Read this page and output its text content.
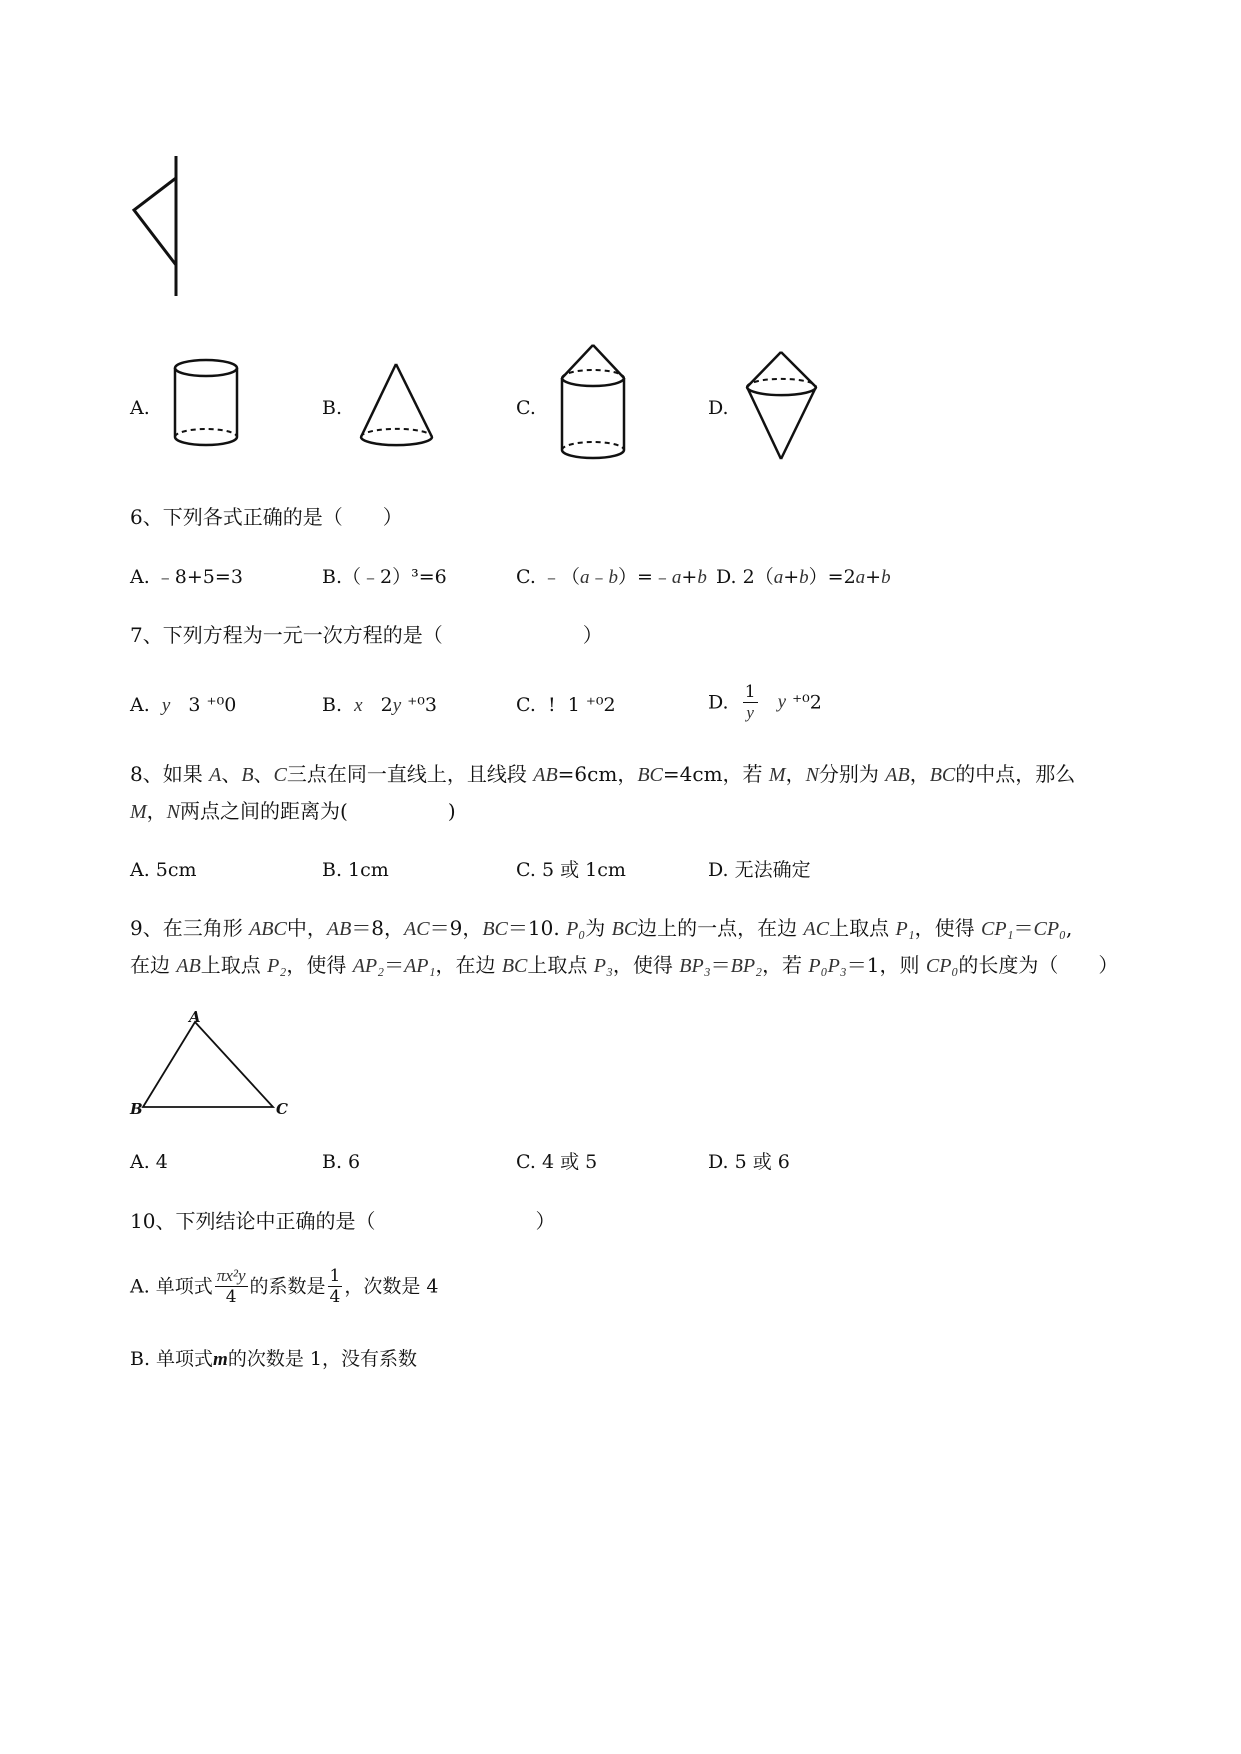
A.	B.	C.	D.
6、下列各式正确的是（　　）
A. ﹣8+5=3	B.（﹣2）³=6	C. ﹣（a﹣b）=﹣a+b D. 2（a+b）=2a+b
7、下列方程为一元一次方程的是（　　　　　　　）
A. y 3 ⁺⁰0	B. x 2y ⁺⁰3	C. ! 1 ⁺⁰2	D. $\frac{1}{y}$ y ⁺⁰2
8、如果 A、B、C三点在同一直线上，且线段 AB=6cm，BC=4cm，若 M，N分别为 AB，BC的中点，那么
M，N两点之间的距离为(　　　　　)
A. 5cm	B. 1cm	C. 5 或 1cm	D. 无法确定
9、在三角形 ABC中，AB＝8，AC＝9，BC＝10. P₀为 BC边上的一点，在边 AC上取点 P₁，使得 CP₁＝CP₀,
在边 AB上取点 P₂，使得 AP₂＝AP₁，在边 BC上取点 P₃，使得 BP₃＝BP₂，若 P₀P₃＝1，则 CP₀的长度为（　　）
A
B	C
A. 4	B. 6	C. 4 或 5	D. 5 或 6
10、下列结论中正确的是（　　　　　　　　）
A. 单项式 $\frac{\text{πx²y}}{4}$ 的系数是 $\frac{1}{4}$ ，次数是 4
B. 单项式m的次数是 1，没有系数
